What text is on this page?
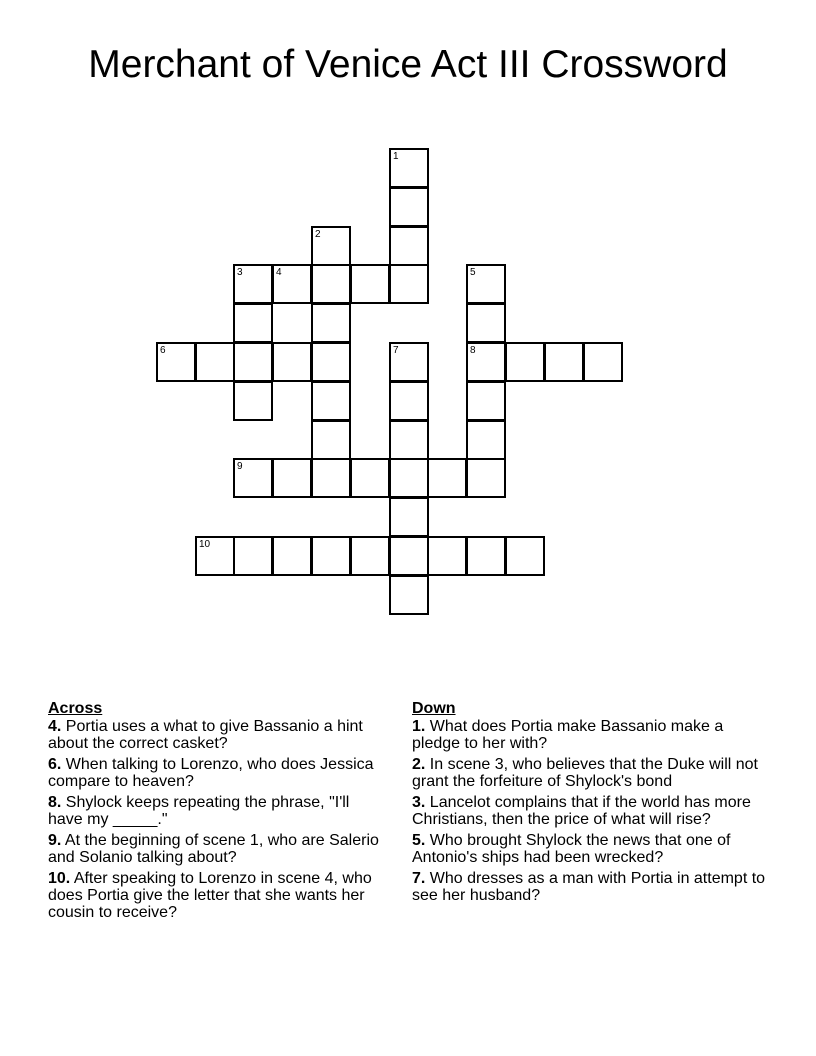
Merchant of Venice Act III Crossword
1
2
3	4	5
6	7	8
9
10
Across
4. Portia uses a what to give Bassanio a hint about the correct casket?
6. When talking to Lorenzo, who does Jessica compare to heaven?
8. Shylock keeps repeating the phrase, "I'll have my _____."
9. At the beginning of scene 1, who are Salerio and Solanio talking about?
10. After speaking to Lorenzo in scene 4, who does Portia give the letter that she wants her cousin to receive?
Down
1. What does Portia make Bassanio make a pledge to her with?
2. In scene 3, who believes that the Duke will not grant the forfeiture of Shylock's bond
3. Lancelot complains that if the world has more Christians, then the price of what will rise?
5. Who brought Shylock the news that one of Antonio's ships had been wrecked?
7. Who dresses as a man with Portia in attempt to see her husband?
